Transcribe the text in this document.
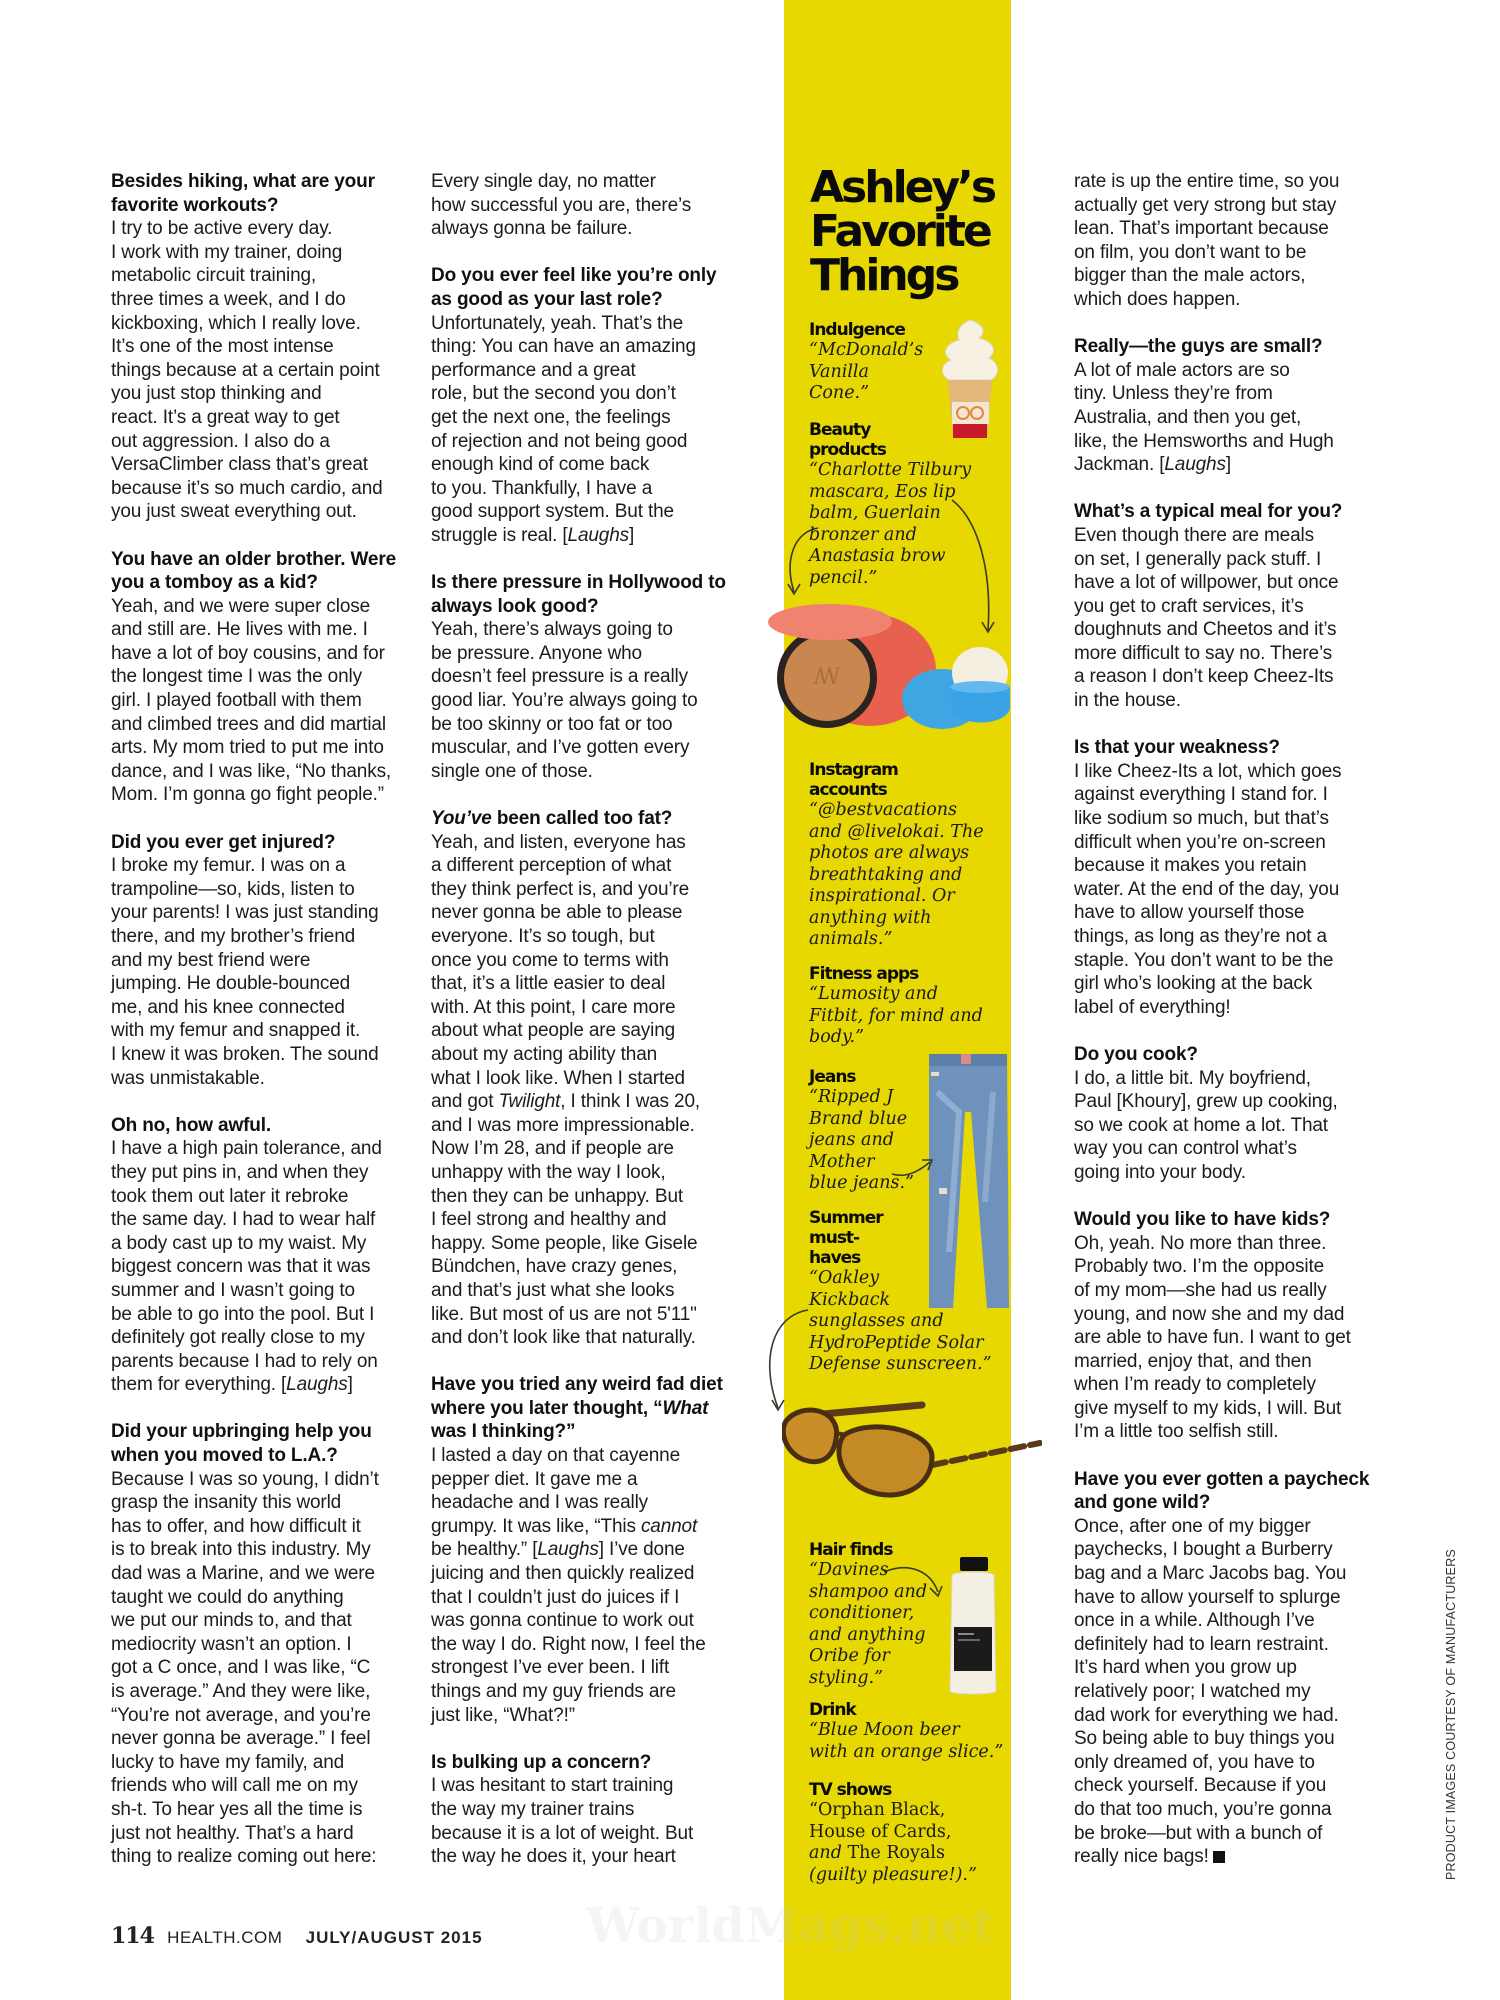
Besides hiking, what are your favorite workouts?
I try to be active every day.
I work with my trainer, doing
metabolic circuit training,
three times a week, and I do
kickboxing, which I really love.
It’s one of the most intense
things because at a certain point
you just stop thinking and
react. It’s a great way to get
out aggression. I also do a
VersaClimber class that’s great
because it’s so much cardio, and
you just sweat everything out.
You have an older brother. Were you a tomboy as a kid?
Yeah, and we were super close
and still are. He lives with me. I
have a lot of boy cousins, and for
the longest time I was the only
girl. I played football with them
and climbed trees and did martial
arts. My mom tried to put me into
dance, and I was like, “No thanks,
Mom. I’m gonna go fight people.”
Did you ever get injured?
I broke my femur. I was on a
trampoline—so, kids, listen to
your parents! I was just standing
there, and my brother’s friend
and my best friend were
jumping. He double-bounced
me, and his knee connected
with my femur and snapped it.
I knew it was broken. The sound
was unmistakable.
Oh no, how awful.
I have a high pain tolerance, and
they put pins in, and when they
took them out later it rebroke
the same day. I had to wear half
a body cast up to my waist. My
biggest concern was that it was
summer and I wasn’t going to
be able to go into the pool. But I
definitely got really close to my
parents because I had to rely on
them for everything. [Laughs]
Did your upbringing help you when you moved to L.A.?
Because I was so young, I didn’t
grasp the insanity this world
has to offer, and how difficult it
is to break into this industry. My
dad was a Marine, and we were
taught we could do anything
we put our minds to, and that
mediocrity wasn’t an option. I
got a C once, and I was like, “C
is average.” And they were like,
“You’re not average, and you’re
never gonna be average.” I feel
lucky to have my family, and
friends who will call me on my
sh-t. To hear yes all the time is
just not healthy. That’s a hard
thing to realize coming out here:
Every single day, no matter
how successful you are, there’s
always gonna be failure.
Do you ever feel like you’re only as good as your last role?
Unfortunately, yeah. That’s the
thing: You can have an amazing
performance and a great
role, but the second you don’t
get the next one, the feelings
of rejection and not being good
enough kind of come back
to you. Thankfully, I have a
good support system. But the
struggle is real. [Laughs]
Is there pressure in Hollywood to always look good?
Yeah, there’s always going to
be pressure. Anyone who
doesn’t feel pressure is a really
good liar. You’re always going to
be too skinny or too fat or too
muscular, and I’ve gotten every
single one of those.
You’ve been called too fat?
Yeah, and listen, everyone has
a different perception of what
they think perfect is, and you’re
never gonna be able to please
everyone. It’s so tough, but
once you come to terms with
that, it’s a little easier to deal
with. At this point, I care more
about what people are saying
about my acting ability than
what I look like. When I started
and got Twilight, I think I was 20,
and I was more impressionable.
Now I’m 28, and if people are
unhappy with the way I look,
then they can be unhappy. But
I feel strong and healthy and
happy. Some people, like Gisele
Bündchen, have crazy genes,
and that’s just what she looks
like. But most of us are not 5'11"
and don’t look like that naturally.
Have you tried any weird fad diet where you later thought, “What was I thinking?”
I lasted a day on that cayenne
pepper diet. It gave me a
headache and I was really
grumpy. It was like, “This cannot
be healthy.” [Laughs] I’ve done
juicing and then quickly realized
that I couldn’t just do juices if I
was gonna continue to work out
the way I do. Right now, I feel the
strongest I’ve ever been. I lift
things and my guy friends are
just like, “What?!”
Is bulking up a concern?
I was hesitant to start training
the way my trainer trains
because it is a lot of weight. But
the way he does it, your heart
Ashley’s
Favorite
Things
ꟿ
Indulgence
“McDonald’s
Vanilla
Cone.”
Beauty
products
“Charlotte Tilbury
mascara, Eos lip
balm, Guerlain
bronzer and
Anastasia brow
pencil.”
Instagram
accounts
“@bestvacations
and @livelokai. The
photos are always
breathtaking and
inspirational. Or
anything with
animals.”
Fitness apps
“Lumosity and
Fitbit, for mind and
body.”
Jeans
“Ripped J
Brand blue
jeans and
Mother
blue jeans.”
Summer
must-
haves
“Oakley
Kickback
sunglasses and
HydroPeptide Solar
Defense sunscreen.”
Hair finds
“Davines
shampoo and
conditioner,
and anything
Oribe for
styling.”
Drink
“Blue Moon beer
with an orange slice.”
TV shows
“Orphan Black,
House of Cards,
and The Royals
(guilty pleasure!).”
rate is up the entire time, so you
actually get very strong but stay
lean. That’s important because
on film, you don’t want to be
bigger than the male actors,
which does happen.
Really—the guys are small?
A lot of male actors are so
tiny. Unless they’re from
Australia, and then you get,
like, the Hemsworths and Hugh
Jackman. [Laughs]
What’s a typical meal for you?
Even though there are meals
on set, I generally pack stuff. I
have a lot of willpower, but once
you get to craft services, it’s
doughnuts and Cheetos and it’s
more difficult to say no. There’s
a reason I don’t keep Cheez-Its
in the house.
Is that your weakness?
I like Cheez-Its a lot, which goes
against everything I stand for. I
like sodium so much, but that’s
difficult when you’re on-screen
because it makes you retain
water. At the end of the day, you
have to allow yourself those
things, as long as they’re not a
staple. You don’t want to be the
girl who’s looking at the back
label of everything!
Do you cook?
I do, a little bit. My boyfriend,
Paul [Khoury], grew up cooking,
so we cook at home a lot. That
way you can control what’s
going into your body.
Would you like to have kids?
Oh, yeah. No more than three.
Probably two. I’m the opposite
of my mom—she had us really
young, and now she and my dad
are able to have fun. I want to get
married, enjoy that, and then
when I’m ready to completely
give myself to my kids, I will. But
I’m a little too selfish still.
Have you ever gotten a paycheck and gone wild?
Once, after one of my bigger
paychecks, I bought a Burberry
bag and a Marc Jacobs bag. You
have to allow yourself to splurge
once in a while. Although I’ve
definitely had to learn restraint.
It’s hard when you grow up
relatively poor; I watched my
dad work for everything we had.
So being able to buy things you
only dreamed of, you have to
check yourself. Because if you
do that too much, you’re gonna
be broke—but with a bunch of
really nice bags!
WorldMags.net
114 HEALTH.COM JULY/AUGUST 2015
PRODUCT IMAGES COURTESY OF MANUFACTURERS
